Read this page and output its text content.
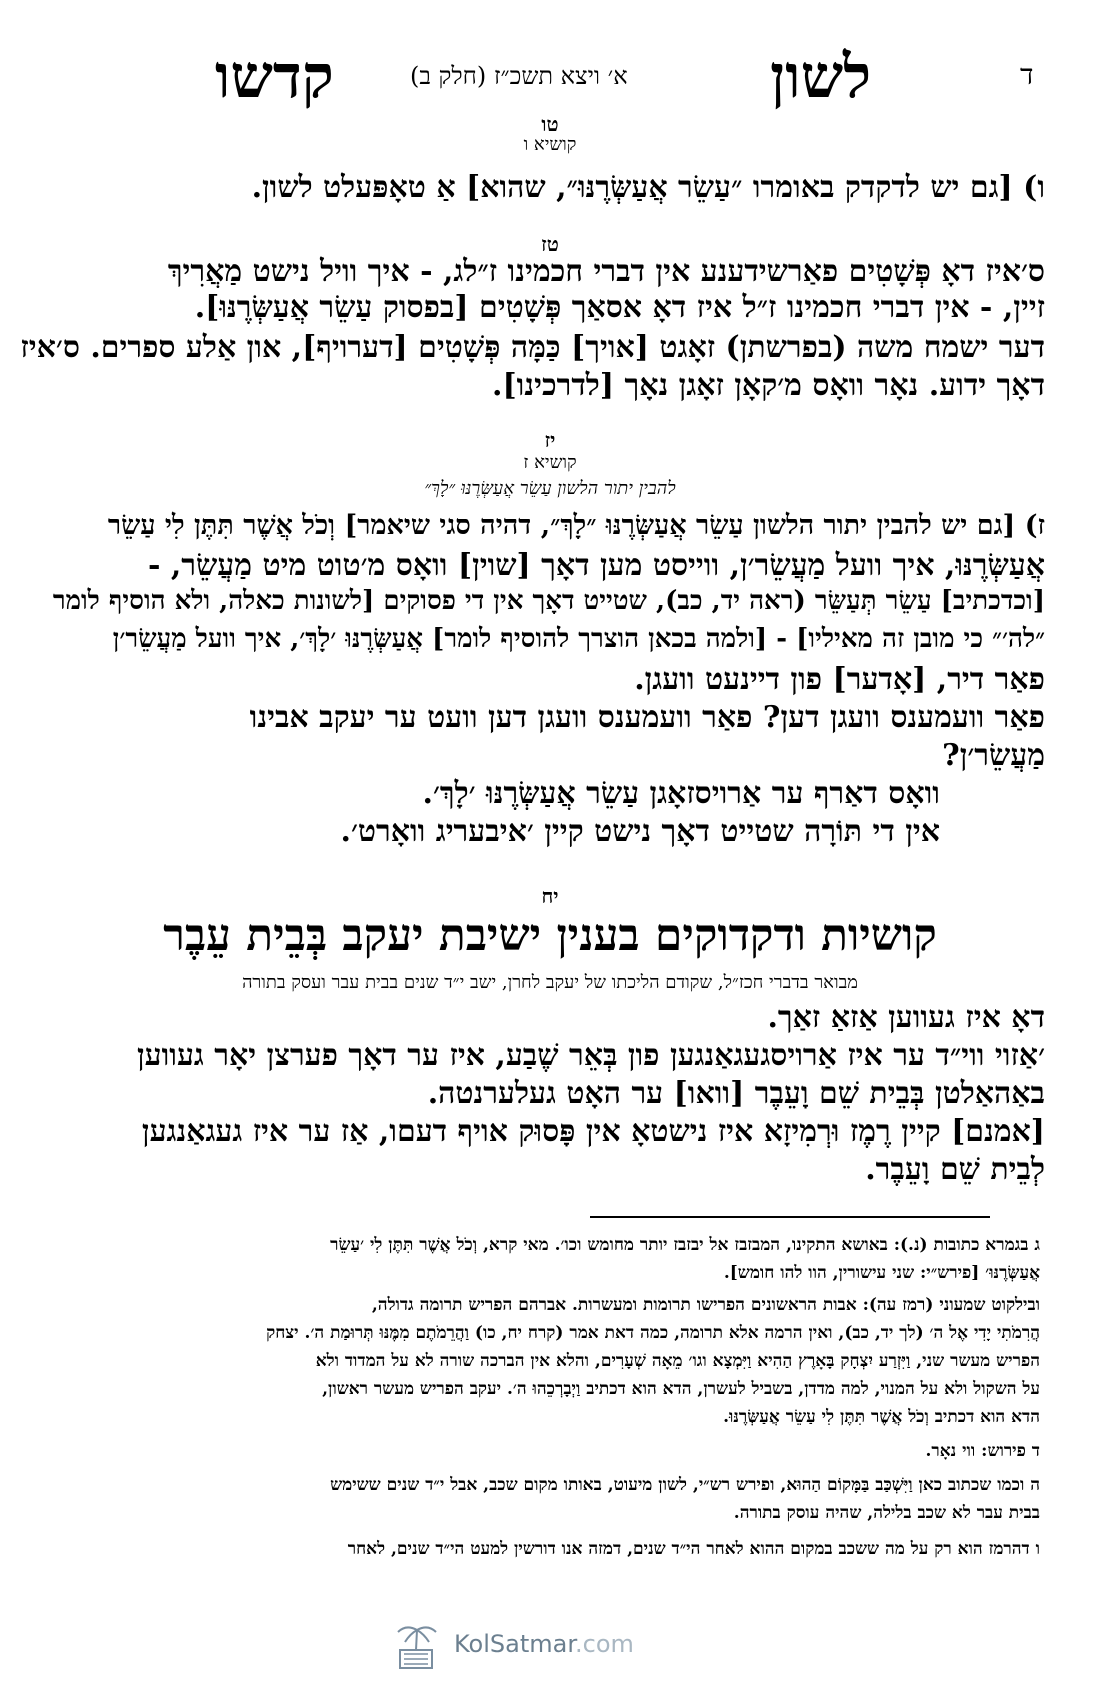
ד
לשון
א׳ ויצא תשכ״ז (חלק ב)
קדשו
טו
קושיא ו
ו) [גם יש לדקדק באומרו ״עַשֵׂר אֲעַשְּׂרֶנּוּ״, שהוא] אַ טאָפּעלט לשון.
טז
ס׳איז דאָ פְּשָׁטִים פאַרשידענע אין דברי חכמינו ז״לג, - איך וויל נישט מַאֲרִיךְ
זיין, - אין דברי חכמינו ז״ל איז דאָ אסאַך פְּשָׁטִים [בפסוק עַשֵׂר אֲעַשְּׂרֶנּוּ].
דער ישמח משה (בפרשתן) זאָגט [אויך] כַּמָּה פְּשָׁטִים [דערויף], און אַלע ספרים. ס׳איז
דאָך ידוע. נאָר וואָס מ׳קאָן זאָגן נאָך [לדרכינו].
יז
קושיא ז
להבין יתור הלשון עַשֵׂר אֲעַשְּׂרֶנּוּ ״לָךְ״
ז) [גם יש להבין יתור הלשון עַשֵׂר אֲעַשְּׂרֶנּוּ ״לָךְ״, דהיה סגי שיאמר] וְכֹל אֲשֶׁר תִּתֶּן לִי עַשֵׂר
אֲעַשְּׂרֶנּוּ, איך וועל מַעֲשֵׂר׳ן, ווייסט מען דאָך [שוין] וואָס מ׳טוט מיט מַעֲשֵׂר, -
[וכדכתיב] עַשֵׂר תְּעַשֵּׂר (ראה יד, כב), שטייט דאָך אין די פסוקים [לשונות כאלה, ולא הוסיף לומר
״לה׳״ כי מובן זה מאיליו] - [ולמה בכאן הוצרך להוסיף לומר] אֲעַשְּׂרֶנּוּ ׳לָךְ׳, איך וועל מַעֲשֵׂר׳ן
פאַר דיר, [אָדער] פון דיינעט וועגן.
פאַר וועמענס וועגן דען? פאַר וועמענס וועגן דען וועט ער יעקב אבינו
מַעֲשֵׂר׳ן?
וואָס דאַרף ער אַרויסזאָגן עַשֵׂר אֲעַשְּׂרֶנּוּ ׳לָךְ׳.
אין די תּוֹרָה שטייט דאָך נישט קיין ׳איבעריג וואָרט׳.
יח
קושיות ודקדוקים בענין ישיבת יעקב בְּבֵית עֵבֶר
מבואר בדברי חכז״ל, שקודם הליכתו של יעקב לחרן, ישב י״ד שנים בבית עבר ועסק בתורה
דאָ איז געווען אַזאַ זאַך.
׳אַזוי ווי״ד ער איז אַרויסגעגאַנגען פון בְּאֵר שֶׁבַע, איז ער דאָך פערצן יאָר געווען
באַהאַלטן בְּבֵית שֵׁם וָעֵבֶר [וואו] ער האָט געלערנטה.
[אמנם] קיין רֶמֶז וּרְמִיזָא איז נישטאָ אין פָּסוּק אויף דעםו, אַז ער איז געגאַנגען
לְבֵית שֵׁם וָעֵבֶר.
ג בגמרא כתובות (נ.): באושא התקינו, המבזבז אל יבזבז יותר מחומש וכו׳. מאי קרא, וְכֹל אֲשֶׁר תִּתֶּן לִי ׳עַשֵׂר
אֲעַשְּׂרֶנּוּ׳ [פירש״י: שני עישורין, הוו להו חומש].
ובילקוט שמעוני (רמז עה): אבות הראשונים הפרישו תרומות ומעשרות. אברהם הפריש תרומה גדולה,
הֲרִמֹתִי יָדִי אֶל ה׳ (לך יד, כב), ואין הרמה אלא תרומה, כמה דאת אמר (קרח יח, כו) וַהֲרֵמֹתֶם מִמֶּנּוּ תְּרוּמַת ה׳. יצחק
הפריש מעשר שני, וַיִּזְרַע יִצְחָק בָּאָרֶץ הַהִיא וַיִּמְצָא וגו׳ מֵאָה שְׁעָרִים, והלא אין הברכה שורה לא על המדוד ולא
על השקול ולא על המנוי, למה מדדן, בשביל לעשרן, הדא הוא דכתיב וַיְבָרְכֵהוּ ה׳. יעקב הפריש מעשר ראשון,
הדא הוא דכתיב וְכֹל אֲשֶׁר תִּתֶּן לִי עַשֵׂר אֲעַשְּׂרֶנּוּ.
ד פירוש: ווי נאָר.
ה וכמו שכתוב כאן וַיִּשְׁכַּב בַּמָּקוֹם הַהוּא, ופירש רש״י, לשון מיעוט, באותו מקום שכב, אבל י״ד שנים ששימש
בבית עבר לא שכב בלילה, שהיה עוסק בתורה.
ו דהרמז הוא רק על מה ששכב במקום ההוא לאחר הי״ד שנים, דמזה אנו דורשין למעט הי״ד שנים, לאחר
KolSatmar.com
